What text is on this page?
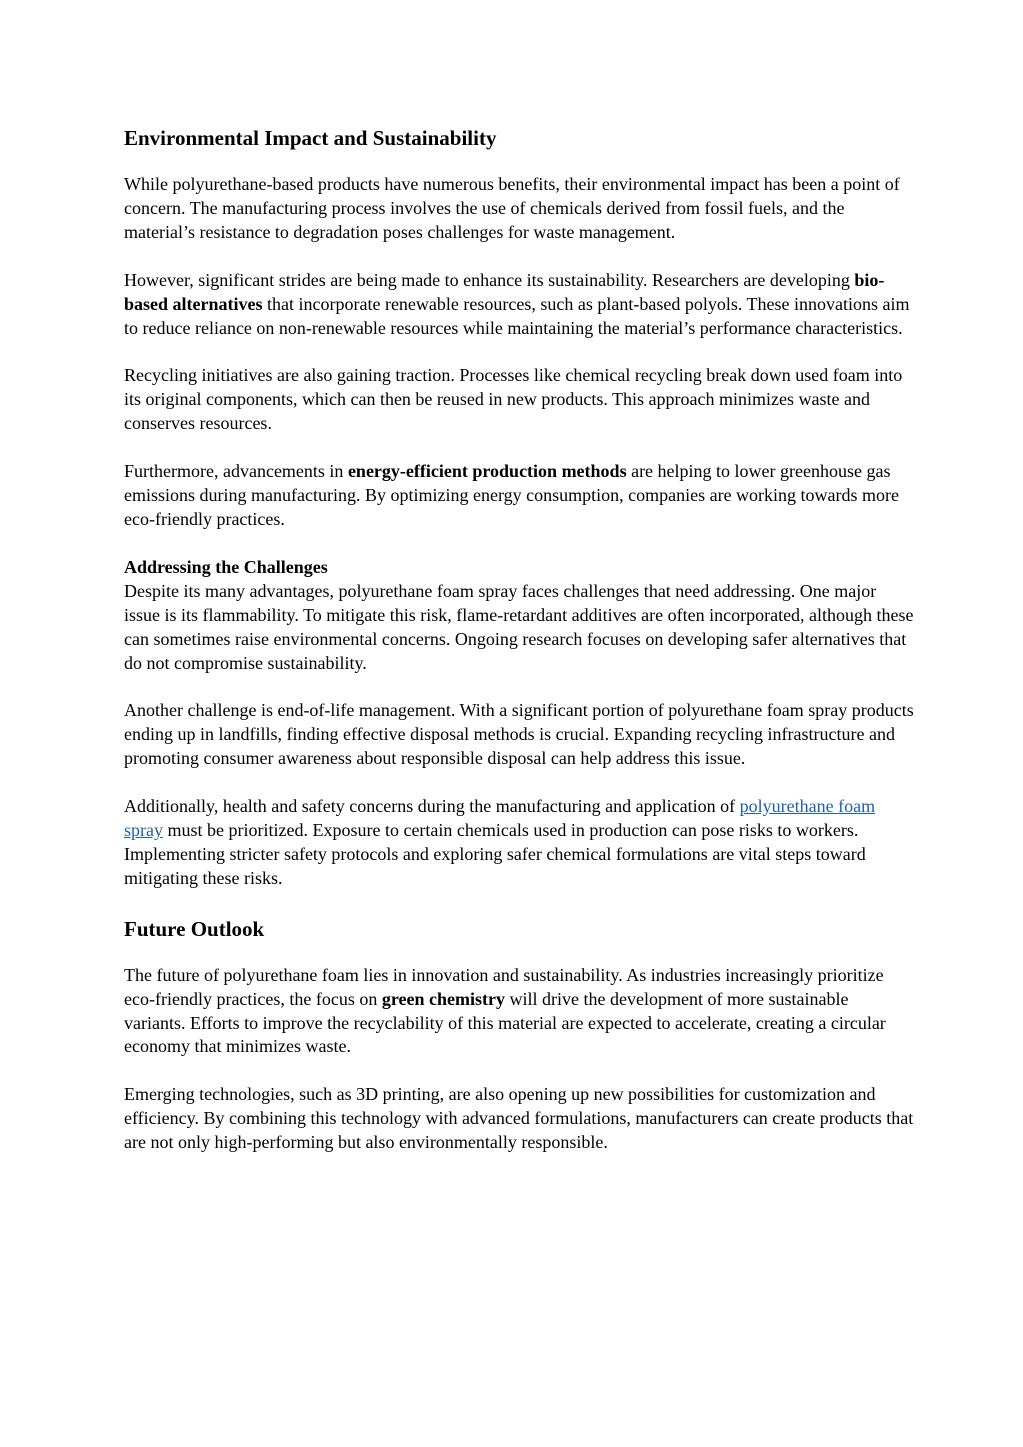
Environmental Impact and Sustainability

While polyurethane-based products have numerous benefits, their environmental impact has been a point of concern. The manufacturing process involves the use of chemicals derived from fossil fuels, and the material’s resistance to degradation poses challenges for waste management.

However, significant strides are being made to enhance its sustainability. Researchers are developing bio-based alternatives that incorporate renewable resources, such as plant-based polyols. These innovations aim to reduce reliance on non-renewable resources while maintaining the material’s performance characteristics.

Recycling initiatives are also gaining traction. Processes like chemical recycling break down used foam into its original components, which can then be reused in new products. This approach minimizes waste and conserves resources.

Furthermore, advancements in energy-efficient production methods are helping to lower greenhouse gas emissions during manufacturing. By optimizing energy consumption, companies are working towards more eco-friendly practices.

Addressing the Challenges
Despite its many advantages, polyurethane foam spray faces challenges that need addressing. One major issue is its flammability. To mitigate this risk, flame-retardant additives are often incorporated, although these can sometimes raise environmental concerns. Ongoing research focuses on developing safer alternatives that do not compromise sustainability.

Another challenge is end-of-life management. With a significant portion of polyurethane foam spray products ending up in landfills, finding effective disposal methods is crucial. Expanding recycling infrastructure and promoting consumer awareness about responsible disposal can help address this issue.

Additionally, health and safety concerns during the manufacturing and application of polyurethane foam spray must be prioritized. Exposure to certain chemicals used in production can pose risks to workers. Implementing stricter safety protocols and exploring safer chemical formulations are vital steps toward mitigating these risks.

Future Outlook

The future of polyurethane foam lies in innovation and sustainability. As industries increasingly prioritize eco-friendly practices, the focus on green chemistry will drive the development of more sustainable variants. Efforts to improve the recyclability of this material are expected to accelerate, creating a circular economy that minimizes waste.

Emerging technologies, such as 3D printing, are also opening up new possibilities for customization and efficiency. By combining this technology with advanced formulations, manufacturers can create products that are not only high-performing but also environmentally responsible.
